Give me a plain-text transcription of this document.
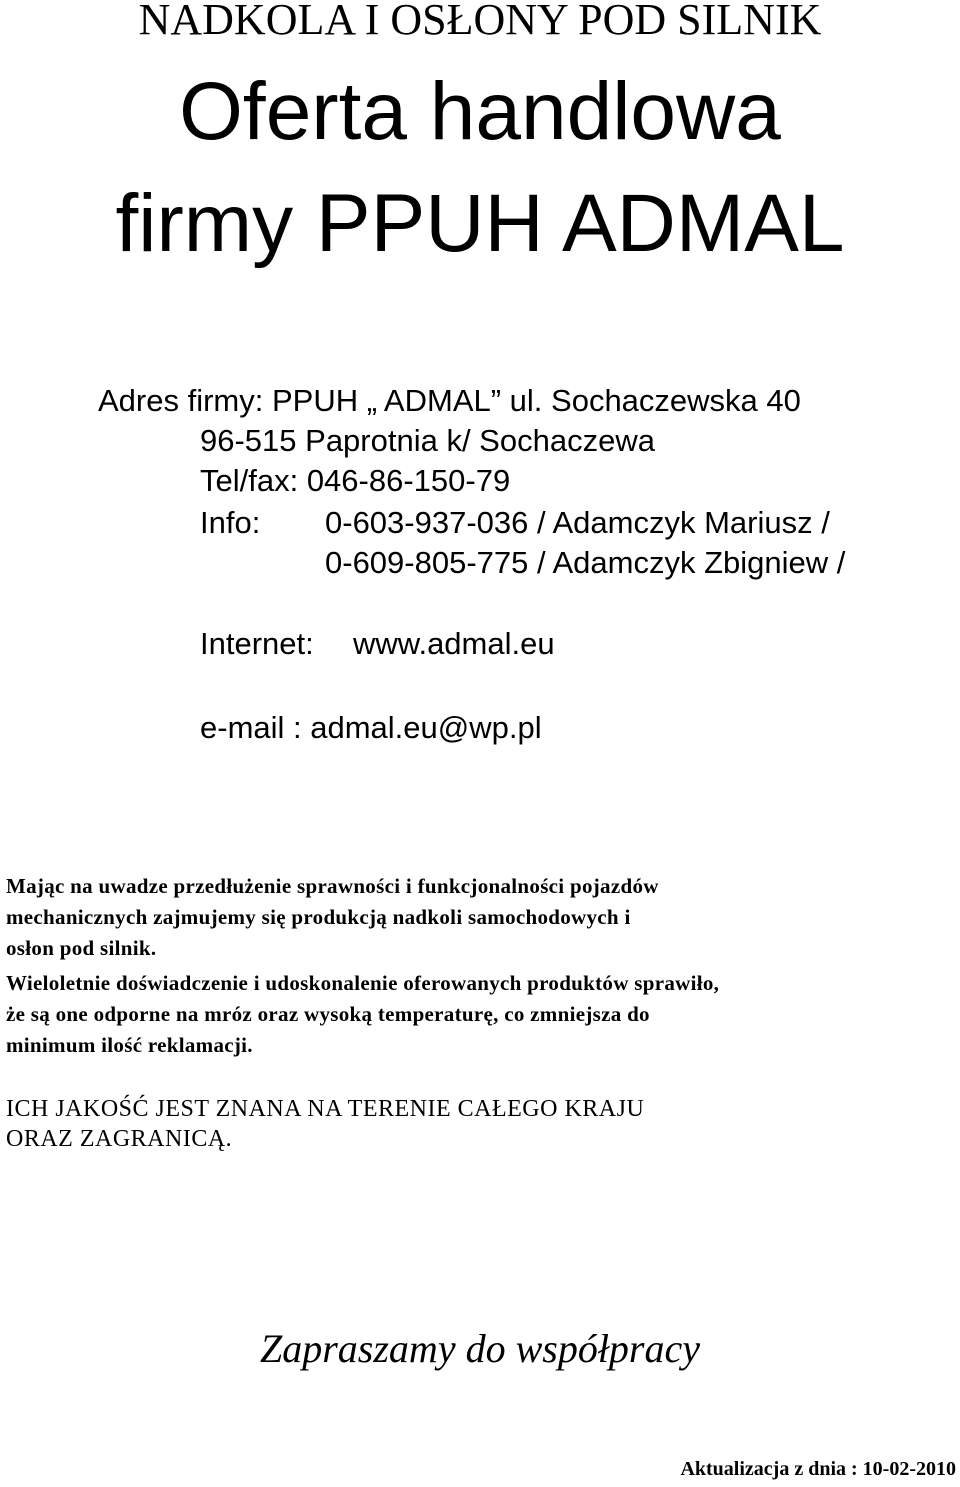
NADKOLA I OSŁONY POD SILNIK
Oferta handlowa
firmy PPUH ADMAL
Adres firmy: PPUH „ ADMAL” ul. Sochaczewska 40
96-515 Paprotnia k/ Sochaczewa
Tel/fax: 046-86-150-79
Info: 0-603-937-036 / Adamczyk Mariusz /
0-609-805-775 / Adamczyk Zbigniew /
Internet: www.admal.eu
e-mail : admal.eu@wp.pl

Mając na uwadze przedłużenie sprawności i funkcjonalności pojazdów

mechanicznych zajmujemy się produkcją nadkoli samochodowych i

osłon pod silnik.

Wieloletnie doświadczenie i udoskonalenie oferowanych produktów sprawiło,

że są one odporne na mróz oraz wysoką temperaturę, co zmniejsza do

minimum ilość reklamacji.

ICH JAKOŚĆ JEST ZNANA NA TERENIE CAŁEGO KRAJU

ORAZ ZAGRANICĄ.

Zapraszamy do współpracy
Aktualizacja z dnia : 10-02-2010
